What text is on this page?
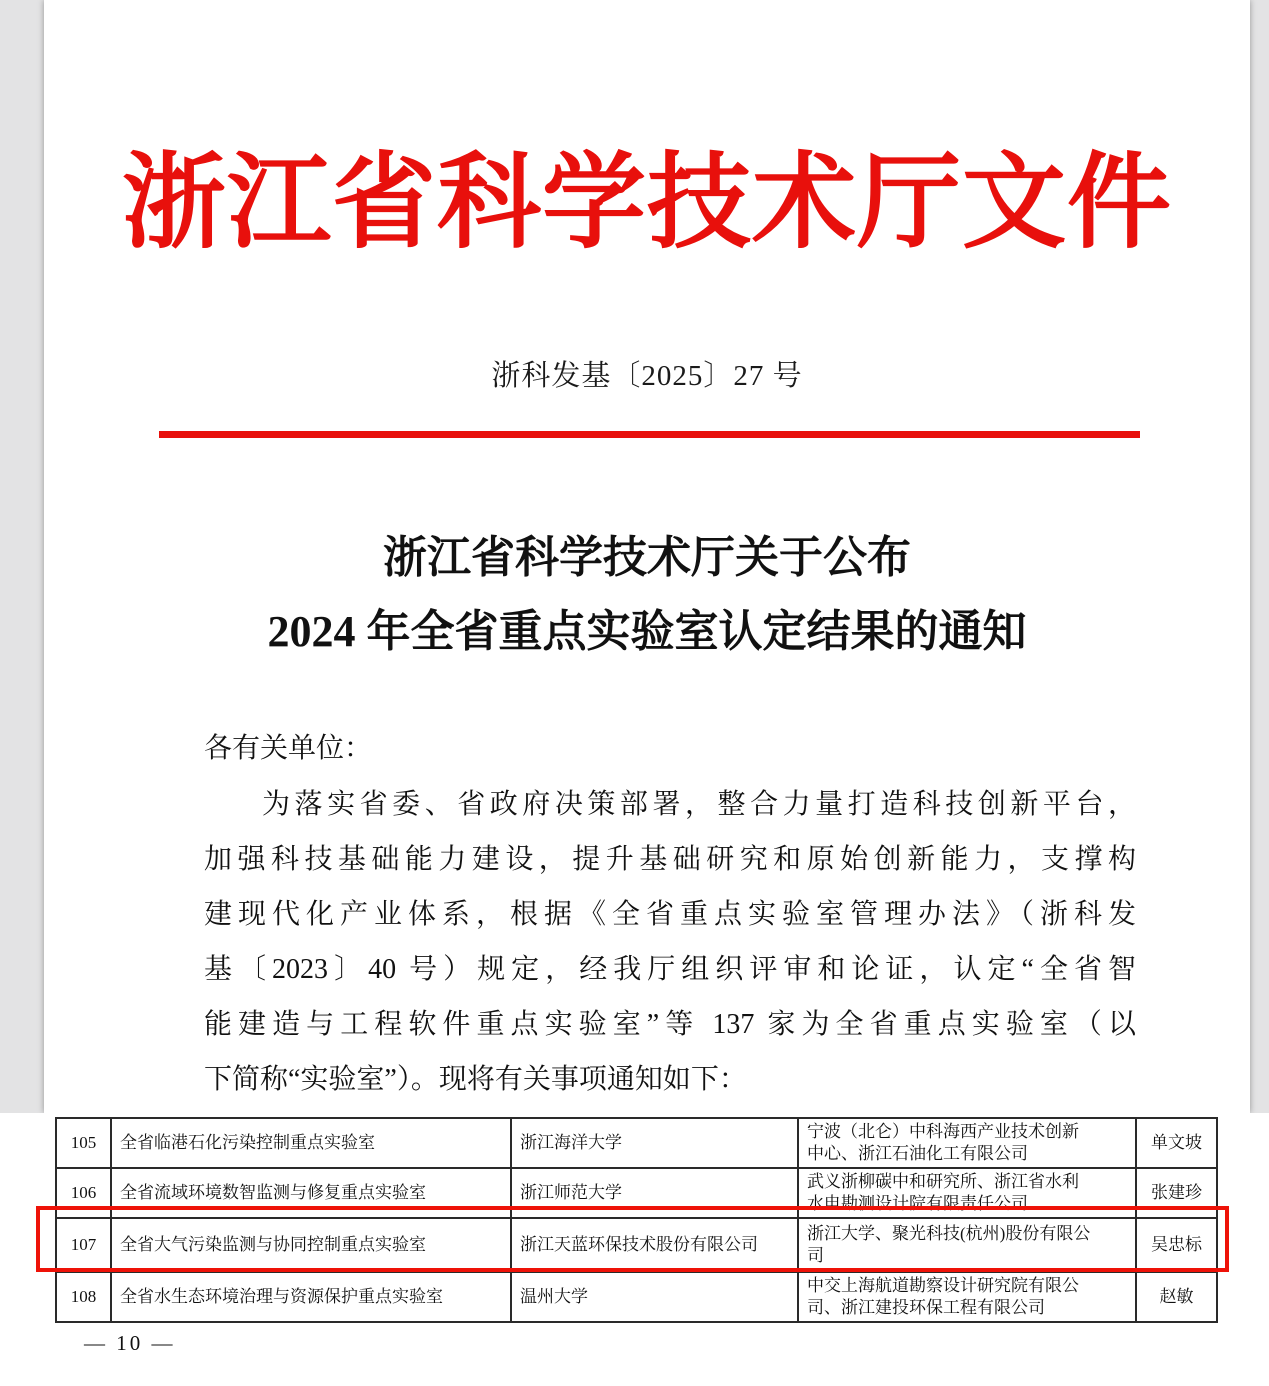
浙江省科学技术厅文件
浙科发基〔2025〕27 号
浙江省科学技术厅关于公布
2024 年全省重点实验室认定结果的通知
各有关单位：
为落实省委、省政府决策部署，整合力量打造科技创新平台，
加强科技基础能力建设，提升基础研究和原始创新能力，支撑构
建现代化产业体系，根据《全省重点实验室管理办法》（浙科发
基〔2023〕40 号）规定，经我厅组织评审和论证，认定“全省智
能建造与工程软件重点实验室”等 137 家为全省重点实验室（以
下简称“实验室”）。现将有关事项通知如下：
105	全省临港石化污染控制重点实验室	浙江海洋大学	宁波（北仑）中科海西产业技术创新
中心、浙江石油化工有限公司	单文坡
106	全省流域环境数智监测与修复重点实验室	浙江师范大学	武义浙柳碳中和研究所、浙江省水利
水电勘测设计院有限责任公司	张建珍
107	全省大气污染监测与协同控制重点实验室	浙江天蓝环保技术股份有限公司	浙江大学、聚光科技(杭州)股份有限公
司	吴忠标
108	全省水生态环境治理与资源保护重点实验室	温州大学	中交上海航道勘察设计研究院有限公
司、浙江建投环保工程有限公司	赵敏
— 10 —
